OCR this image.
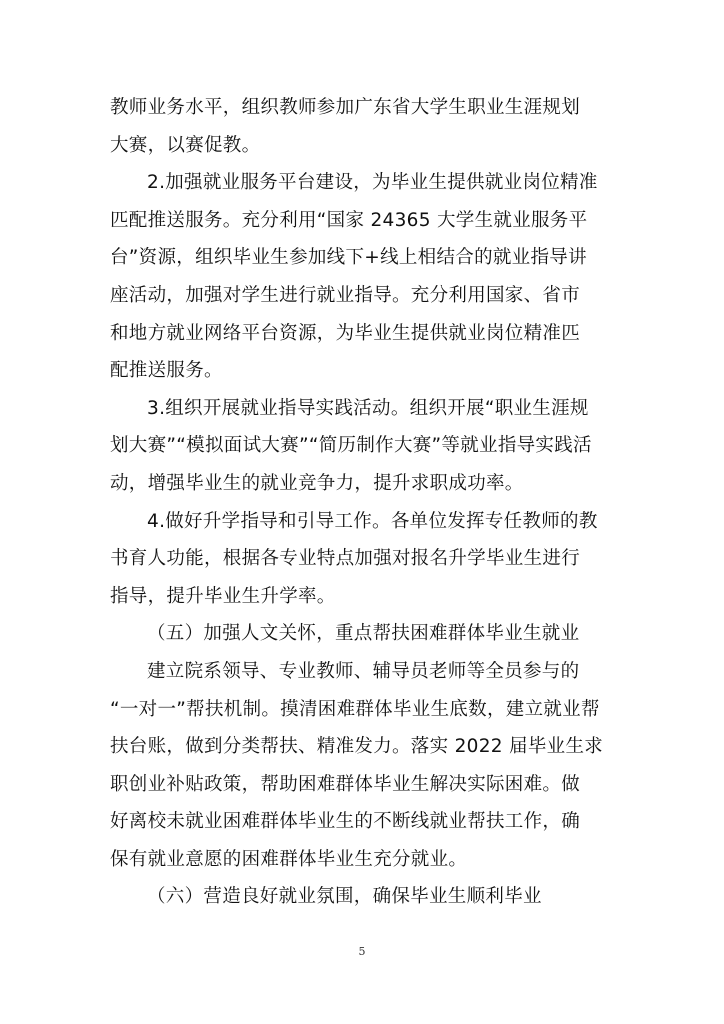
教师业务水平，组织教师参加广东省大学生职业生涯规划
大赛，以赛促教。
2.加强就业服务平台建设，为毕业生提供就业岗位精准
匹配推送服务。充分利用“国家 24365 大学生就业服务平
台”资源，组织毕业生参加线下+线上相结合的就业指导讲
座活动，加强对学生进行就业指导。充分利用国家、省市
和地方就业网络平台资源，为毕业生提供就业岗位精准匹
配推送服务。
3.组织开展就业指导实践活动。组织开展“职业生涯规
划大赛”“模拟面试大赛”“简历制作大赛”等就业指导实践活
动，增强毕业生的就业竞争力，提升求职成功率。
4.做好升学指导和引导工作。各单位发挥专任教师的教
书育人功能，根据各专业特点加强对报名升学毕业生进行
指导，提升毕业生升学率。
（五）加强人文关怀，重点帮扶困难群体毕业生就业
建立院系领导、专业教师、辅导员老师等全员参与的
“一对一”帮扶机制。摸清困难群体毕业生底数，建立就业帮
扶台账，做到分类帮扶、精准发力。落实 2022 届毕业生求
职创业补贴政策，帮助困难群体毕业生解决实际困难。做
好离校未就业困难群体毕业生的不断线就业帮扶工作，确
保有就业意愿的困难群体毕业生充分就业。
（六）营造良好就业氛围，确保毕业生顺利毕业
5
